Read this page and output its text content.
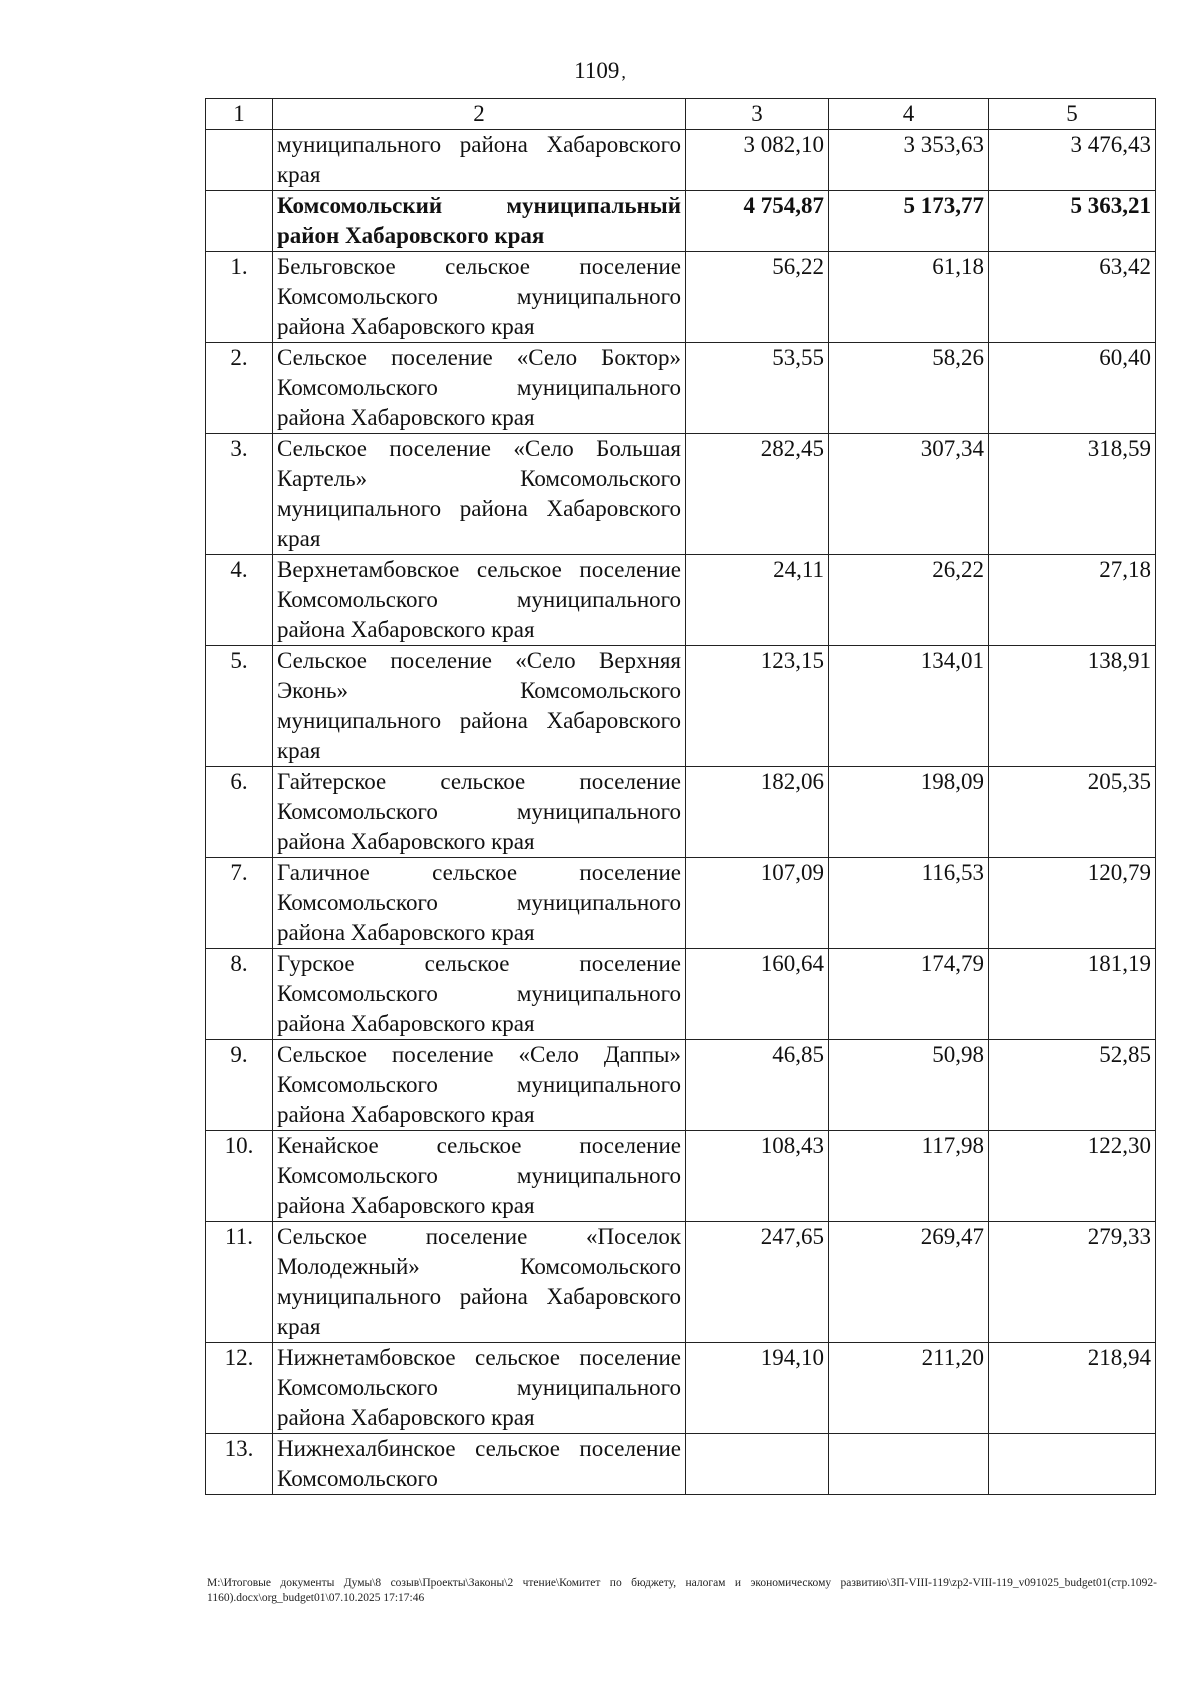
1109 ,
1	2	3	4	5
	муниципального района Хабаровского края	3 082,10	3 353,63	3 476,43
	Комсомольский муниципальный район Хабаровского края	4 754,87	5 173,77	5 363,21
1.	Бельговское сельское поселение Комсомольского муниципального района Хабаровского края	56,22	61,18	63,42
2.	Сельское поселение «Село Боктор» Комсомольского муниципального района Хабаровского края	53,55	58,26	60,40
3.	Сельское поселение «Село Большая Картель» Комсомольского муниципального района Хабаровского края	282,45	307,34	318,59
4.	Верхнетамбовское сельское поселение Комсомольского муниципального района Хабаровского края	24,11	26,22	27,18
5.	Сельское поселение «Село Верхняя Эконь» Комсомольского муниципального района Хабаровского края	123,15	134,01	138,91
6.	Гайтерское сельское поселение Комсомольского муниципального района Хабаровского края	182,06	198,09	205,35
7.	Галичное сельское поселение Комсомольского муниципального района Хабаровского края	107,09	116,53	120,79
8.	Гурское сельское поселение Комсомольского муниципального района Хабаровского края	160,64	174,79	181,19
9.	Сельское поселение «Село Даппы» Комсомольского муниципального района Хабаровского края	46,85	50,98	52,85
10.	Кенайское сельское поселение Комсомольского муниципального района Хабаровского края	108,43	117,98	122,30
11.	Сельское поселение «Поселок Молодежный» Комсомольского муниципального района Хабаровского края	247,65	269,47	279,33
12.	Нижнетамбовское сельское поселение Комсомольского муниципального района Хабаровского края	194,10	211,20	218,94
13.	Нижнехалбинское сельское поселение Комсомольского			
M:\Итоговые документы Думы\8 созыв\Проекты\Законы\2 чтение\Комитет по бюджету, налогам и экономическому развитию\ЗП-VIII-119\zp2-VIII-119_v091025_budget01(стр.1092-1160).docx\org_budget01\07.10.2025 17:17:46
